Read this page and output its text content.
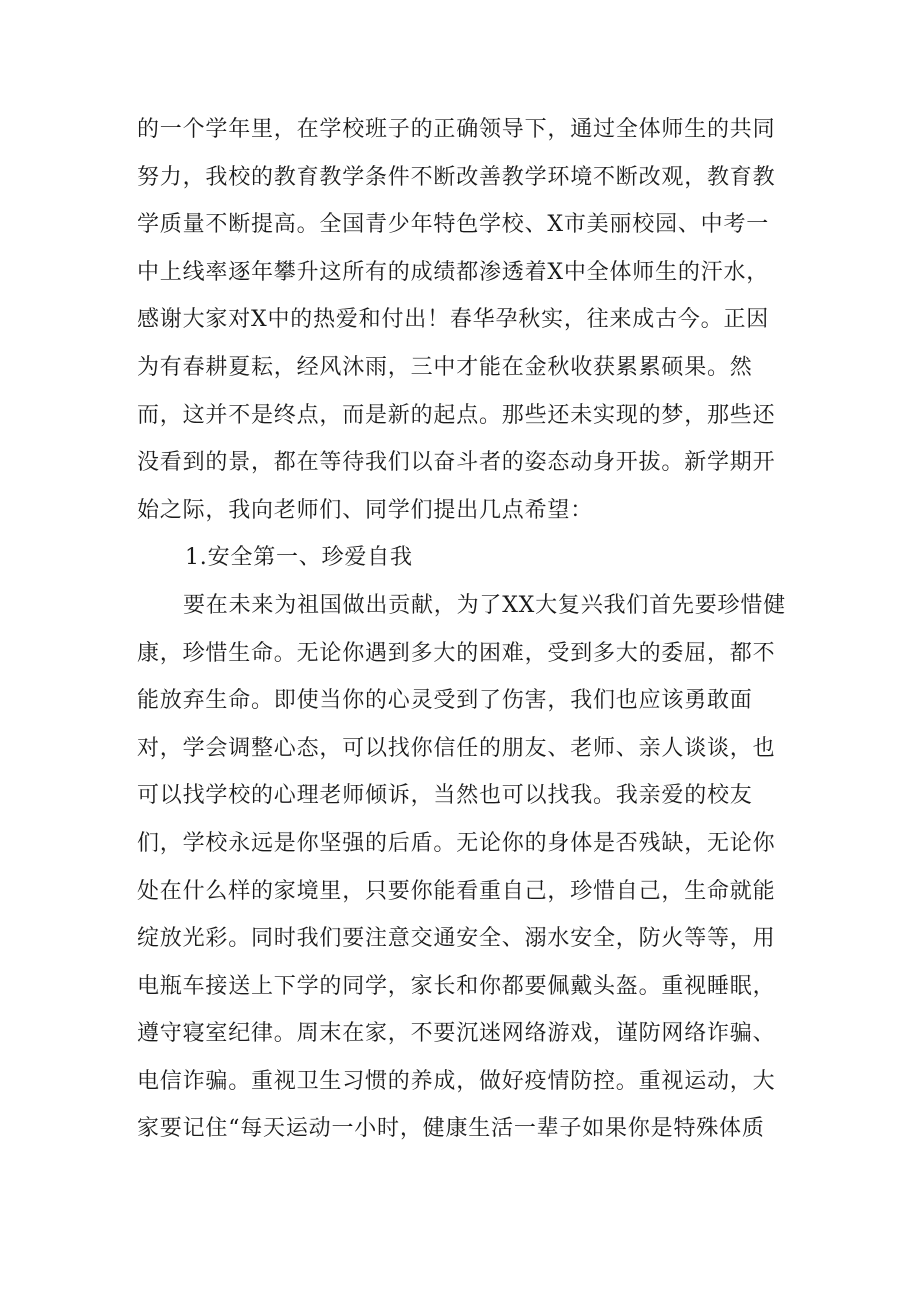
的一个学年里，在学校班子的正确领导下，通过全体师生的共同
努力，我校的教育教学条件不断改善教学环境不断改观，教育教
学质量不断提高。全国青少年特色学校、X市美丽校园、中考一
中上线率逐年攀升这所有的成绩都渗透着X中全体师生的汗水，
感谢大家对X中的热爱和付出！春华孕秋实，往来成古今。正因
为有春耕夏耘，经风沐雨，三中才能在金秋收获累累硕果。然
而，这并不是终点，而是新的起点。那些还未实现的梦，那些还
没看到的景，都在等待我们以奋斗者的姿态动身开拔。新学期开
始之际，我向老师们、同学们提出几点希望：
1.安全第一、珍爱自我
要在未来为祖国做出贡献，为了XX大复兴我们首先要珍惜健
康，珍惜生命。无论你遇到多大的困难，受到多大的委屈，都不
能放弃生命。即使当你的心灵受到了伤害，我们也应该勇敢面
对，学会调整心态，可以找你信任的朋友、老师、亲人谈谈，也
可以找学校的心理老师倾诉，当然也可以找我。我亲爱的校友
们，学校永远是你坚强的后盾。无论你的身体是否残缺，无论你
处在什么样的家境里，只要你能看重自己，珍惜自己，生命就能
绽放光彩。同时我们要注意交通安全、溺水安全，防火等等，用
电瓶车接送上下学的同学，家长和你都要佩戴头盔。重视睡眠，
遵守寝室纪律。周末在家，不要沉迷网络游戏，谨防网络诈骗、
电信诈骗。重视卫生习惯的养成，做好疫情防控。重视运动，大
家要记住“每天运动一小时，健康生活一辈子如果你是特殊体质
